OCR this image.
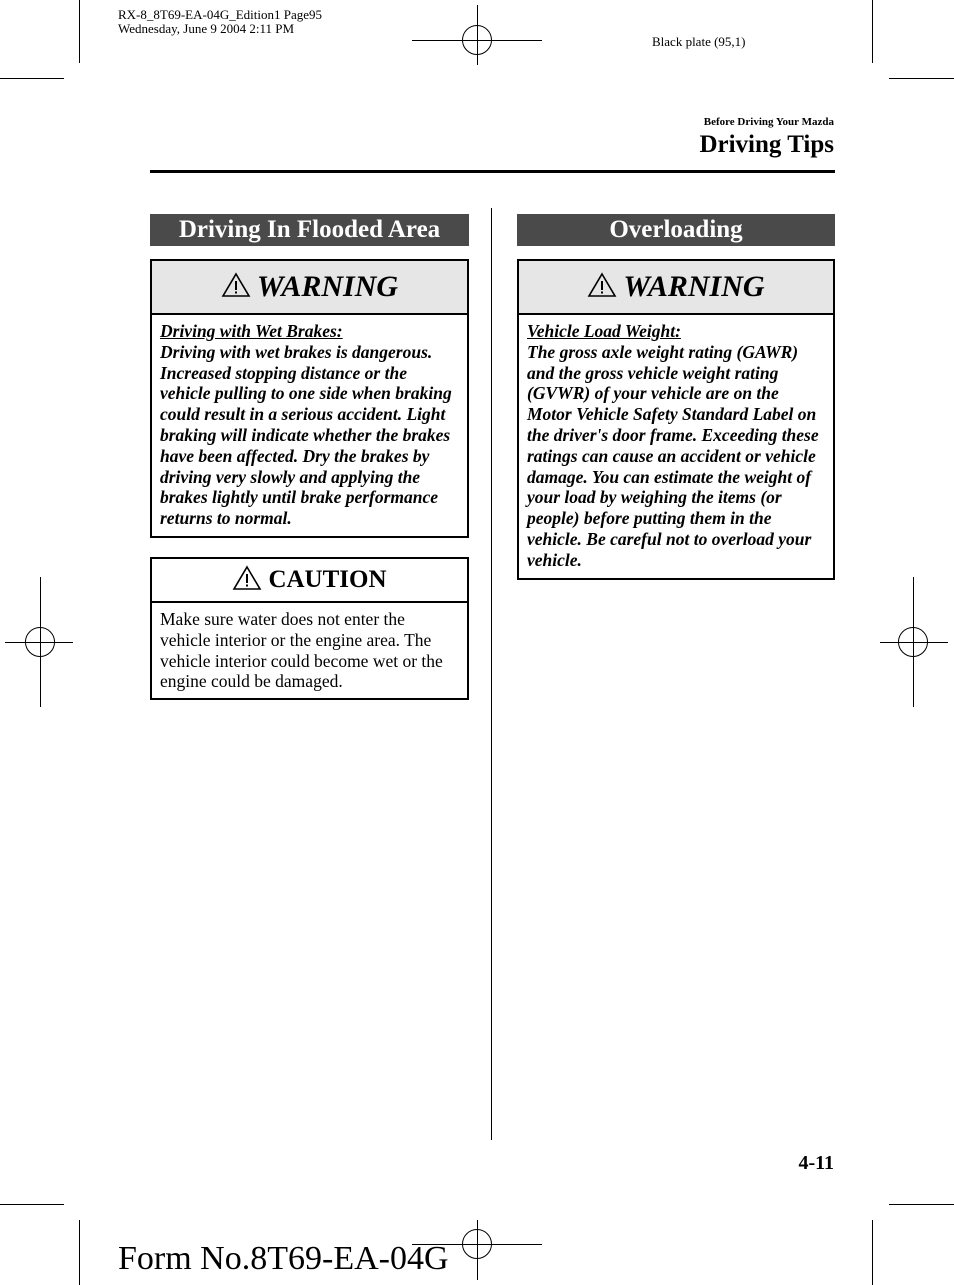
RX-8_8T69-EA-04G_Edition1 Page95
Wednesday, June 9 2004 2:11 PM
Black plate (95,1)
Before Driving Your Mazda
Driving Tips
Driving In Flooded Area
WARNING
Driving with Wet Brakes:
Driving with wet brakes is dangerous. Increased stopping distance or the vehicle pulling to one side when braking could result in a serious accident. Light braking will indicate whether the brakes have been affected. Dry the brakes by driving very slowly and applying the brakes lightly until brake performance returns to normal.
CAUTION
Make sure water does not enter the vehicle interior or the engine area. The vehicle interior could become wet or the engine could be damaged.
Overloading
WARNING
Vehicle Load Weight:
The gross axle weight rating (GAWR) and the gross vehicle weight rating (GVWR) of your vehicle are on the Motor Vehicle Safety Standard Label on the driver's door frame. Exceeding these ratings can cause an accident or vehicle damage. You can estimate the weight of your load by weighing the items (or people) before putting them in the vehicle. Be careful not to overload your vehicle.
4-11
Form No.8T69-EA-04G
